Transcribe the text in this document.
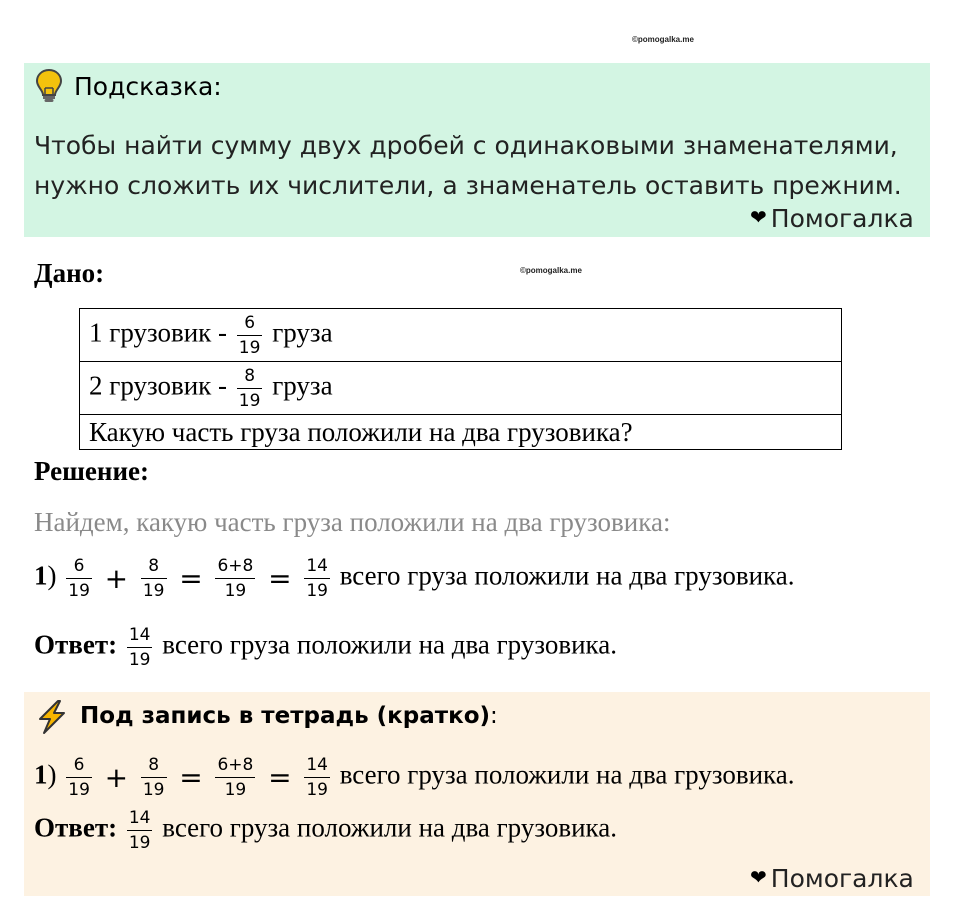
©pomogalka.me
©pomogalka.me
Подсказка:
Чтобы найти сумму двух дробей с одинаковыми знаменателями, нужно сложить их числители, а знаменатель оставить прежним.
❤ Помогалка
Дано:
1 грузовик - $\frac{6}{19}$ груза
2 грузовик - $\frac{8}{19}$ груза
Какую часть груза положили на два грузовика?
Решение:
Найдем, какую часть груза положили на два грузовика:
$1) \frac{6}{19} + \frac{8}{19} = \frac{6+8}{19} = \frac{14}{19}$ всего груза положили на два грузовика.
Ответ: $\frac{14}{19}$ всего груза положили на два грузовика.
Под запись в тетрадь (кратко):
$1) \frac{6}{19} + \frac{8}{19} = \frac{6+8}{19} = \frac{14}{19}$ всего груза положили на два грузовика.
Ответ: $\frac{14}{19}$ всего груза положили на два грузовика.
❤ Помогалка
